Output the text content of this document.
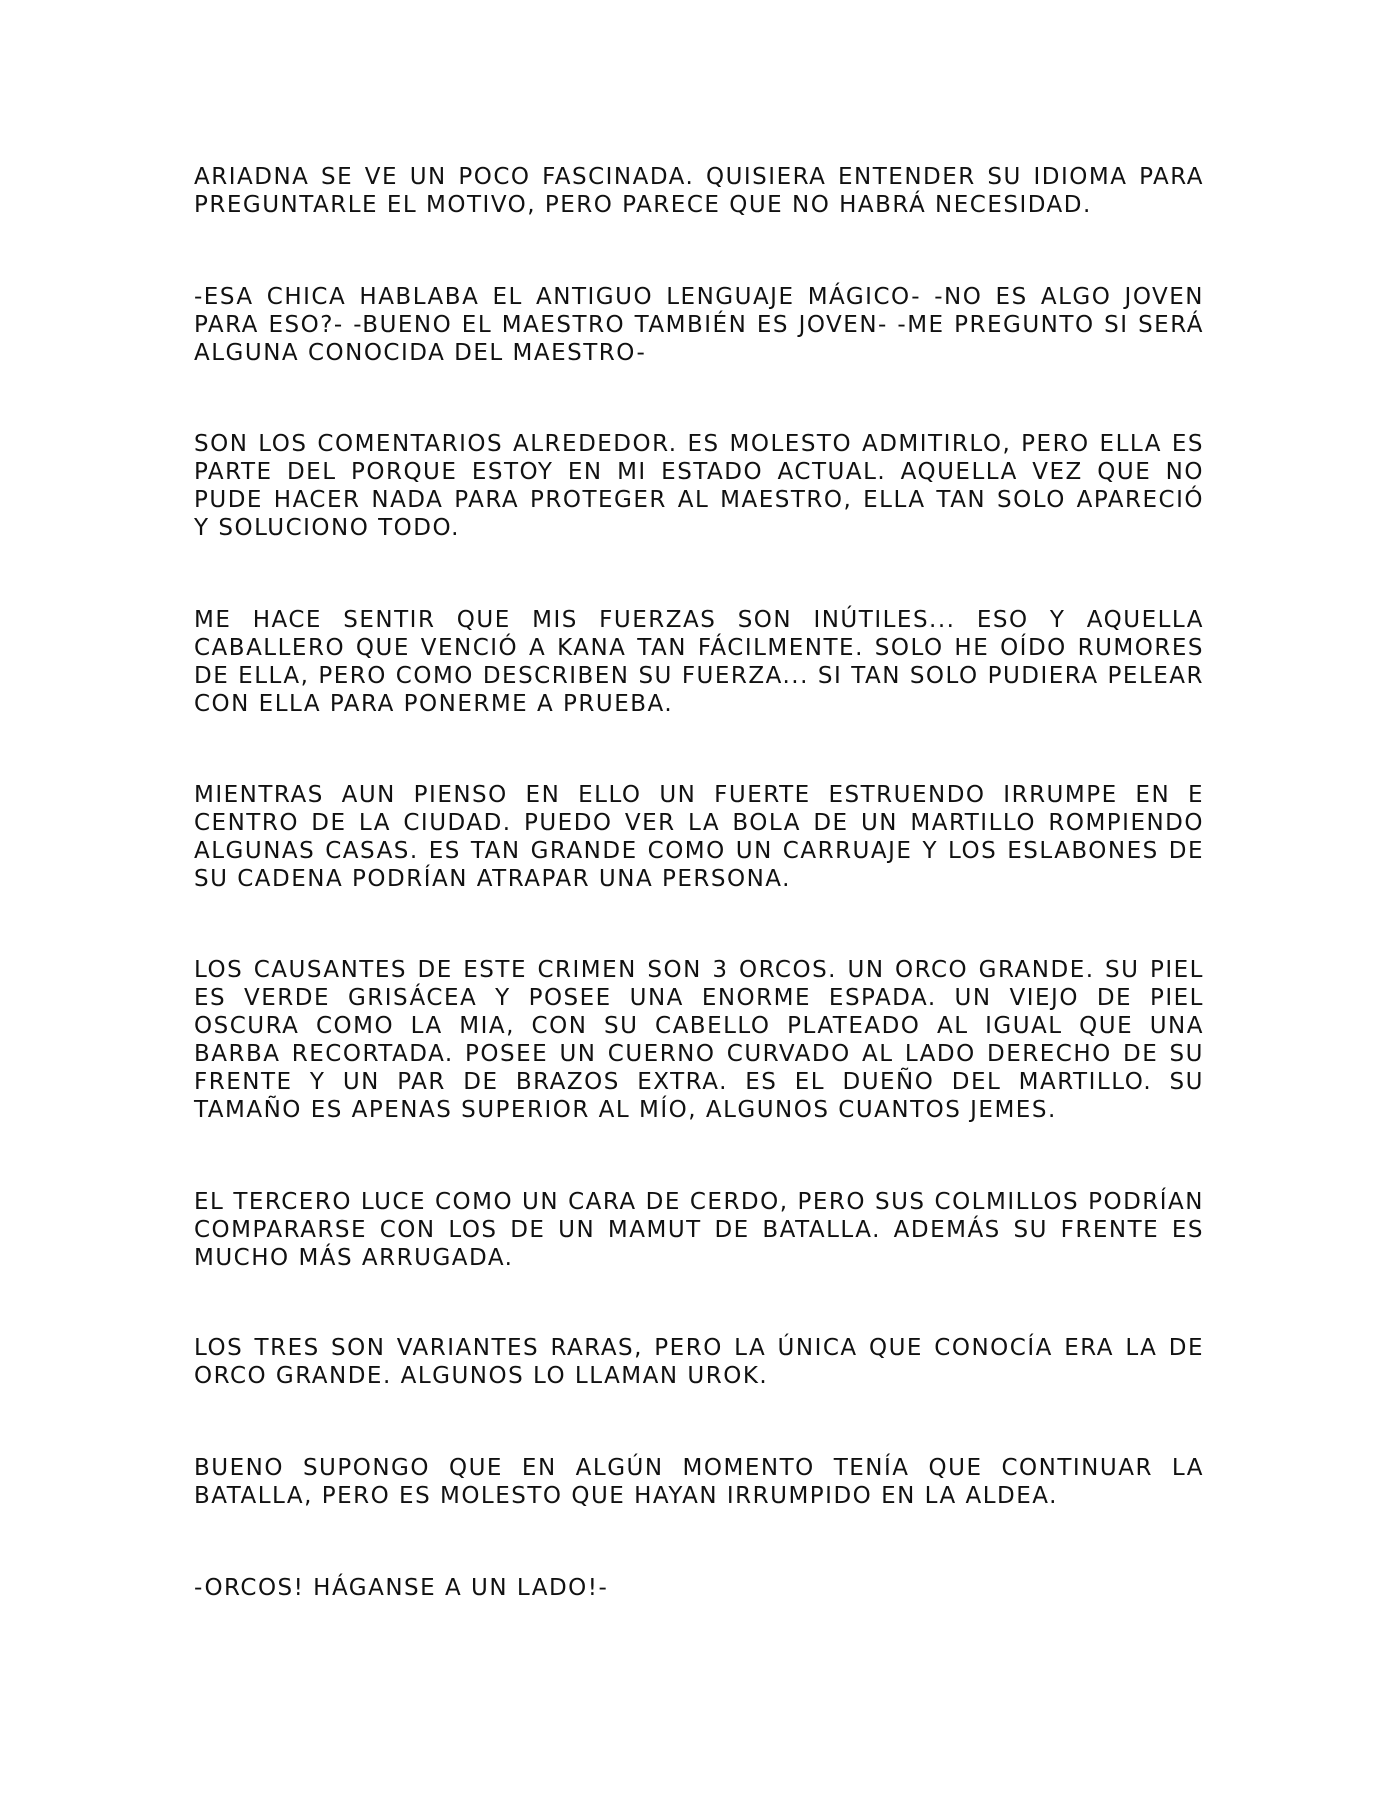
ARIADNA SE VE UN POCO FASCINADA. QUISIERA ENTENDER SU IDIOMA PARA PREGUNTARLE EL MOTIVO, PERO PARECE QUE NO HABRÁ NECESIDAD.

-ESA CHICA HABLABA EL ANTIGUO LENGUAJE MÁGICO- -NO ES ALGO JOVEN PARA ESO?- -BUENO EL MAESTRO TAMBIÉN ES JOVEN- -ME PREGUNTO SI SERÁ ALGUNA CONOCIDA DEL MAESTRO-

SON LOS COMENTARIOS ALREDEDOR. ES MOLESTO ADMITIRLO, PERO ELLA ES PARTE DEL PORQUE ESTOY EN MI ESTADO ACTUAL. AQUELLA VEZ QUE NO PUDE HACER NADA PARA PROTEGER AL MAESTRO, ELLA TAN SOLO APARECIÓ Y SOLUCIONO TODO.

ME HACE SENTIR QUE MIS FUERZAS SON INÚTILES... ESO Y AQUELLA CABALLERO QUE VENCIÓ A KANA TAN FÁCILMENTE. SOLO HE OÍDO RUMORES DE ELLA, PERO COMO DESCRIBEN SU FUERZA... SI TAN SOLO PUDIERA PELEAR CON ELLA PARA PONERME A PRUEBA.

MIENTRAS AUN PIENSO EN ELLO UN FUERTE ESTRUENDO IRRUMPE EN E CENTRO DE LA CIUDAD. PUEDO VER LA BOLA DE UN MARTILLO ROMPIENDO ALGUNAS CASAS. ES TAN GRANDE COMO UN CARRUAJE Y LOS ESLABONES DE SU CADENA PODRÍAN ATRAPAR UNA PERSONA.

LOS CAUSANTES DE ESTE CRIMEN SON 3 ORCOS. UN ORCO GRANDE. SU PIEL ES VERDE GRISÁCEA Y POSEE UNA ENORME ESPADA. UN VIEJO DE PIEL OSCURA COMO LA MIA, CON SU CABELLO PLATEADO AL IGUAL QUE UNA BARBA RECORTADA. POSEE UN CUERNO CURVADO AL LADO DERECHO DE SU FRENTE Y UN PAR DE BRAZOS EXTRA. ES EL DUEÑO DEL MARTILLO. SU TAMAÑO ES APENAS SUPERIOR AL MÍO, ALGUNOS CUANTOS JEMES.

EL TERCERO LUCE COMO UN CARA DE CERDO, PERO SUS COLMILLOS PODRÍAN COMPARARSE CON LOS DE UN MAMUT DE BATALLA. ADEMÁS SU FRENTE ES MUCHO MÁS ARRUGADA.

LOS TRES SON VARIANTES RARAS, PERO LA ÚNICA QUE CONOCÍA ERA LA DE ORCO GRANDE. ALGUNOS LO LLAMAN UROK.

BUENO SUPONGO QUE EN ALGÚN MOMENTO TENÍA QUE CONTINUAR LA BATALLA, PERO ES MOLESTO QUE HAYAN IRRUMPIDO EN LA ALDEA.

-ORCOS! HÁGANSE A UN LADO!-
